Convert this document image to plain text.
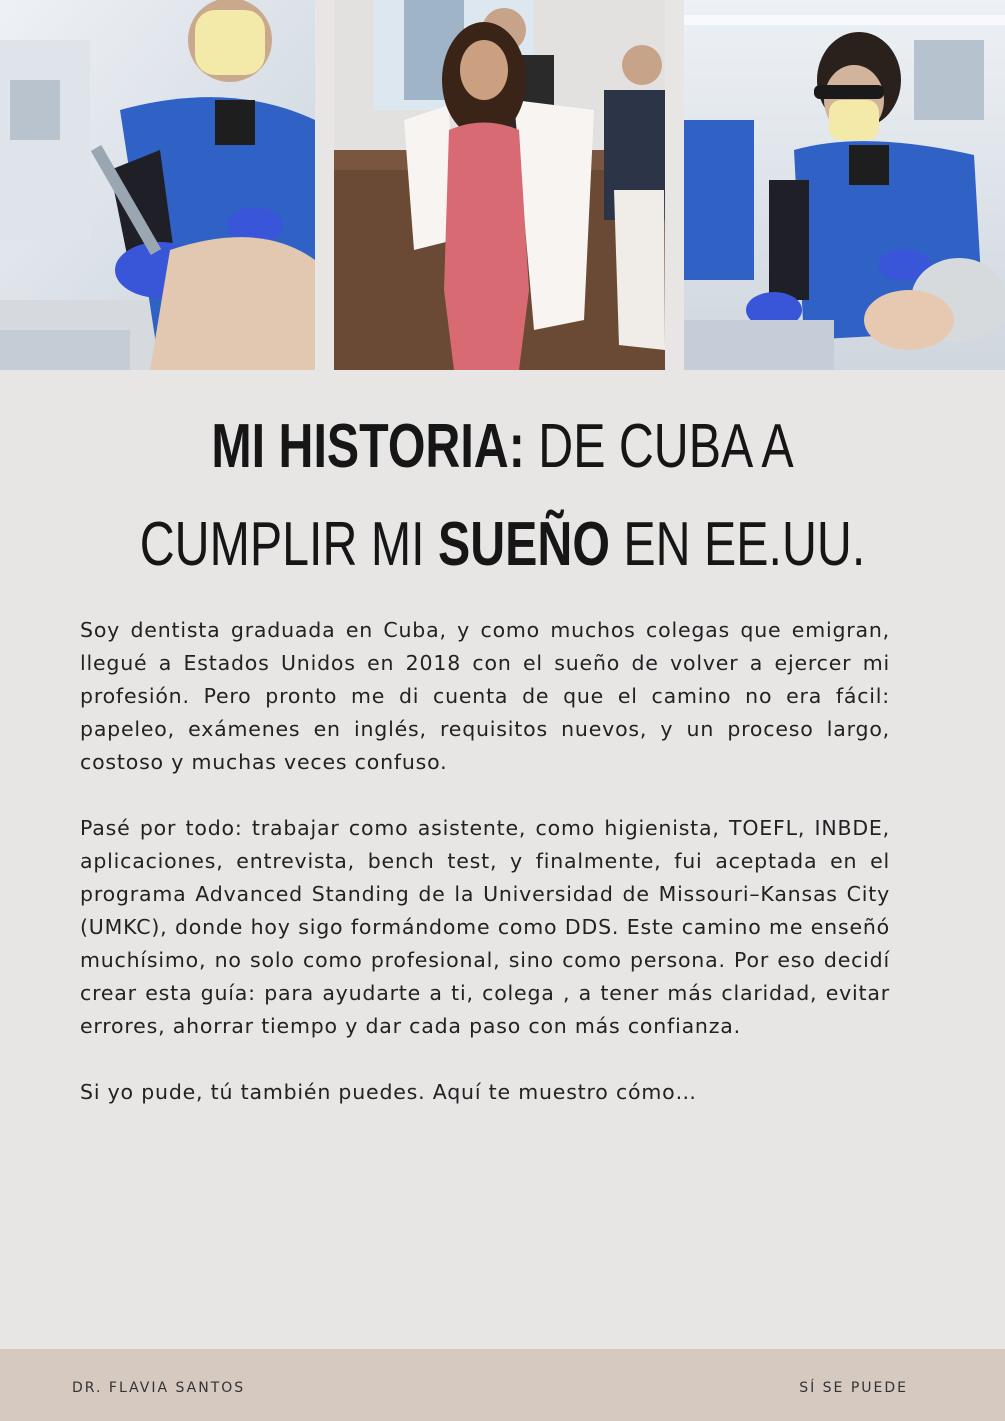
MI HISTORIA: DE CUBA A
CUMPLIR MI SUEÑO EN EE.UU.

Soy dentista graduada en Cuba, y como muchos colegas que emigran, llegué a Estados Unidos en 2018 con el sueño de volver a ejercer mi profesión. Pero pronto me di cuenta de que el camino no era fácil: papeleo, exámenes en inglés, requisitos nuevos, y un proceso largo, costoso y muchas veces confuso.

Pasé por todo: trabajar como asistente, como higienista, TOEFL, INBDE, aplicaciones, entrevista, bench test, y finalmente, fui aceptada en el programa Advanced Standing de la Universidad de Missouri–Kansas City (UMKC), donde hoy sigo formándome como DDS. Este camino me enseñó muchísimo, no solo como profesional, sino como persona. Por eso decidí crear esta guía: para ayudarte a ti, colega , a tener más claridad, evitar errores, ahorrar tiempo y dar cada paso con más confianza.

Si yo pude, tú también puedes. Aquí te muestro cómo…

DR. FLAVIA SANTOS	SÍ SE PUEDE
